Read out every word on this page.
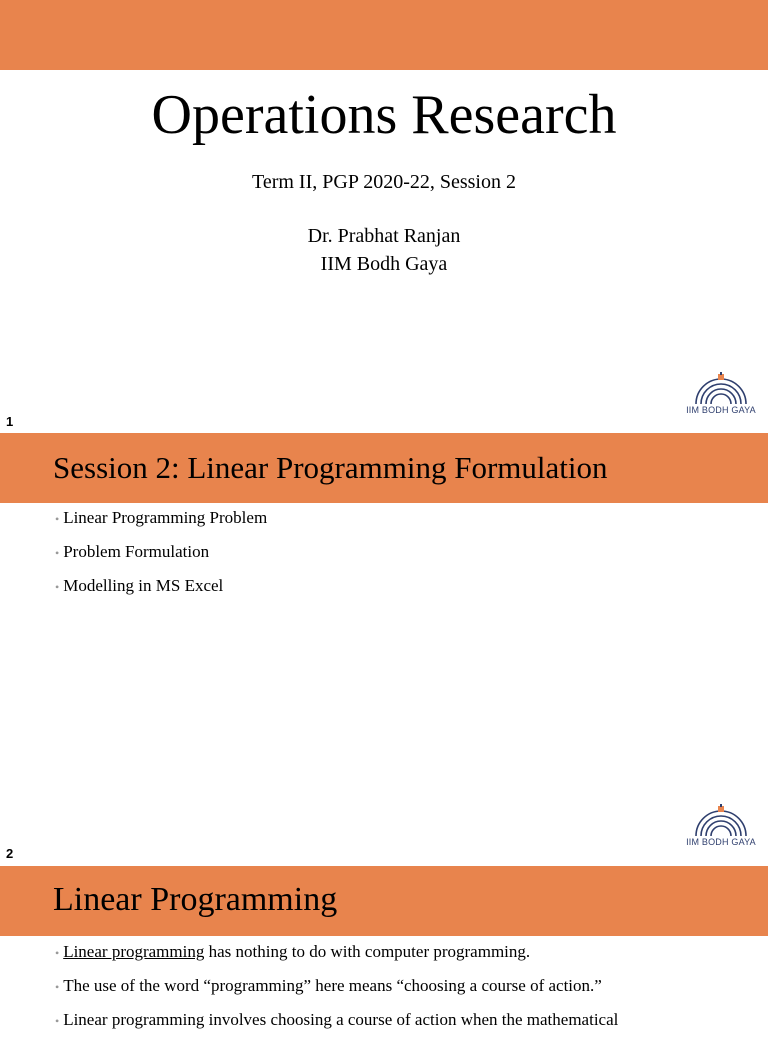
Operations Research
Term II, PGP 2020-22, Session 2
Dr. Prabhat Ranjan
IIM Bodh Gaya
1
IIM BODH GAYA
Session 2: Linear Programming Formulation
• Linear Programming Problem
• Problem Formulation
• Modelling in MS Excel
2
IIM BODH GAYA
Linear Programming
• Linear programming has nothing to do with computer programming.
• The use of the word “programming” here means “choosing a course of action.”
• Linear programming involves choosing a course of action when the mathematical
